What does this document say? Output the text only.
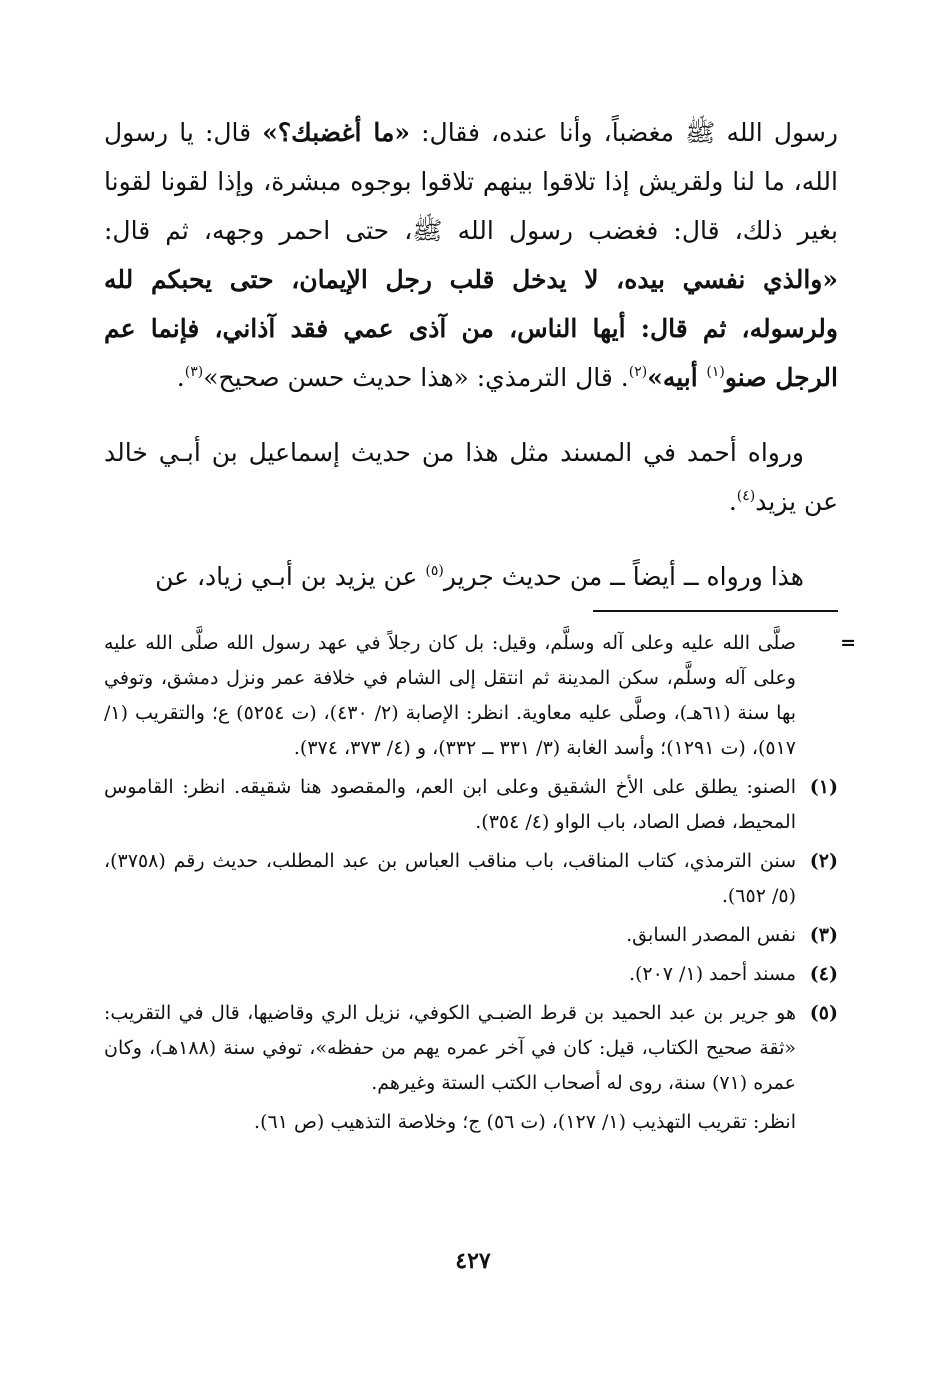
رسول الله ﷺ مغضباً، وأنا عنده، فقال: «ما أغضبك؟» قال: يا رسول الله، ما لنا ولقريش إذا تلاقوا بينهم تلاقوا بوجوه مبشرة، وإذا لقونا لقونا بغير ذلك، قال: فغضب رسول الله ﷺ، حتى احمر وجهه، ثم قال: «والذي نفسي بيده، لا يدخل قلب رجل الإيمان، حتى يحبكم لله ولرسوله، ثم قال: أيها الناس، من آذى عمي فقد آذاني، فإنما عم الرجل صنو$^{(١)}$ أبيه»$^{(٢)}$. قال الترمذي: «هذا حديث حسن صحيح»$^{(٣)}$.

ورواه أحمد في المسند مثل هذا من حديث إسماعيل بن أبـي خالد عن يزيد$^{(٤)}$.

هذا ورواه ــ أيضاً ــ من حديث جرير$^{(٥)}$ عن يزيد بن أبـي زياد، عن

=
صلَّى الله عليه وعلى آله وسلَّم، وقيل: بل كان رجلاً في عهد رسول الله صلَّى الله عليه وعلى آله وسلَّم، سكن المدينة ثم انتقل إلى الشام في خلافة عمر ونزل دمشق، وتوفي بها سنة (٦١هـ)، وصلَّى عليه معاوية. انظر: الإصابة (٢/ ٤٣٠)، (ت ٥٢٥٤) ع؛ والتقريب (١/ ٥١٧)، (ت ١٢٩١)؛ وأسد الغابة (٣/ ٣٣١ ــ ٣٣٢)، و (٤/ ٣٧٣، ٣٧٤).
(١)
الصنو: يطلق على الأخ الشقيق وعلى ابن العم، والمقصود هنا شقيقه. انظر: القاموس المحيط، فصل الصاد، باب الواو (٤/ ٣٥٤).
(٢)
سنن الترمذي، كتاب المناقب، باب مناقب العباس بن عبد المطلب، حديث رقم (٣٧٥٨)، (٥/ ٦٥٢).
(٣)
نفس المصدر السابق.
(٤)
مسند أحمد (١/ ٢٠٧).
(٥)
هو جرير بن عبد الحميد بن قرط الضبـي الكوفي، نزيل الري وقاضيها، قال في التقريب: «ثقة صحيح الكتاب، قيل: كان في آخر عمره يهم من حفظه»، توفي سنة (١٨٨هـ)، وكان عمره (٧١) سنة، روى له أصحاب الكتب الستة وغيرهم.
انظر: تقريب التهذيب (١/ ١٢٧)، (ت ٥٦) ج؛ وخلاصة التذهيب (ص ٦١).
٤٢٧
